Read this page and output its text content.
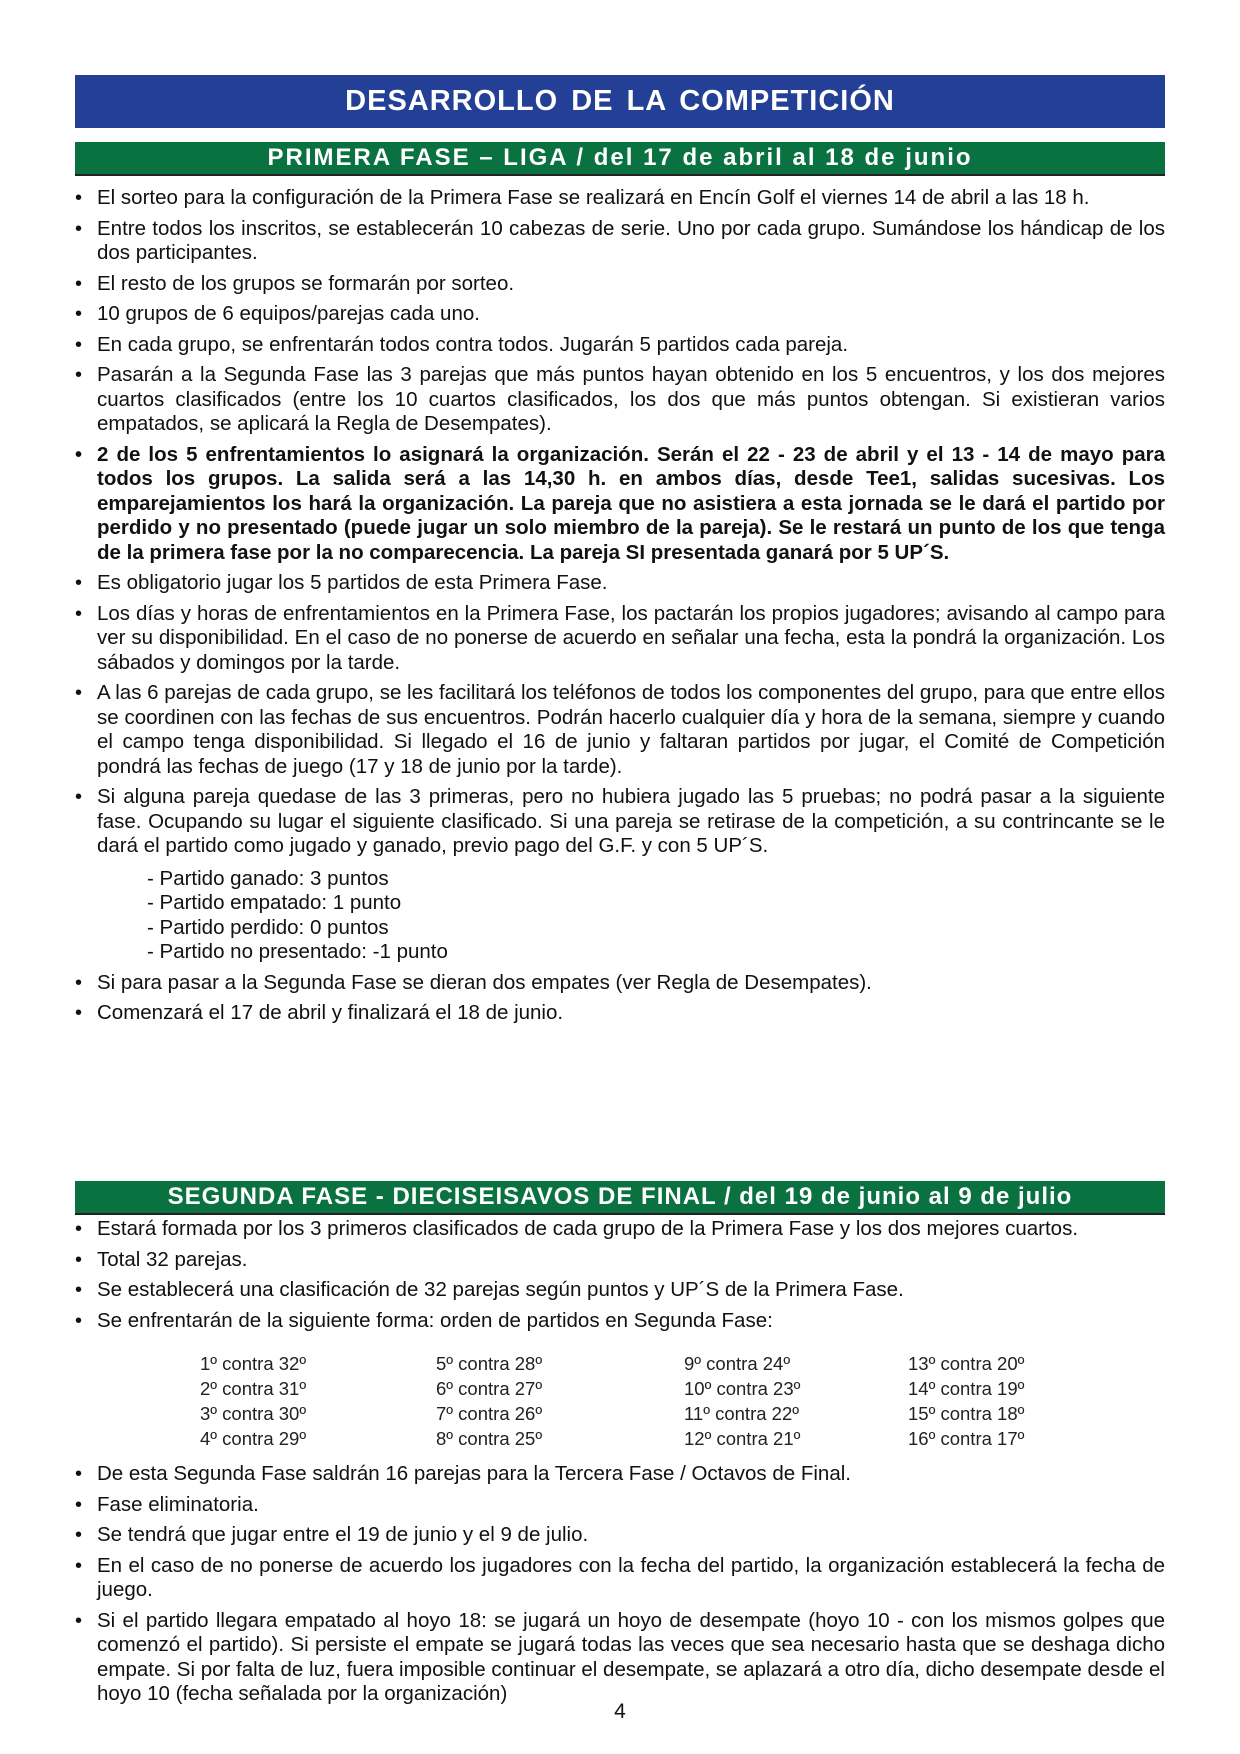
DESARROLLO DE LA COMPETICIÓN
PRIMERA FASE – LIGA / del 17 de abril al 18 de junio
• El sorteo para la configuración de la Primera Fase se realizará en Encín Golf el viernes 14 de abril a las 18 h.
• Entre todos los inscritos, se establecerán 10 cabezas de serie. Uno por cada grupo. Sumándose los hándicap de los dos participantes.
• El resto de los grupos se formarán por sorteo.
• 10 grupos de 6 equipos/parejas cada uno.
• En cada grupo, se enfrentarán todos contra todos. Jugarán 5 partidos cada pareja.
• Pasarán a la Segunda Fase las 3 parejas que más puntos hayan obtenido en los 5 encuentros, y los dos mejores cuartos clasificados (entre los 10 cuartos clasificados, los dos que más puntos obtengan. Si existieran varios empatados, se aplicará la Regla de Desempates).
• 2 de los 5 enfrentamientos lo asignará la organización. Serán el 22 - 23 de abril y el 13 - 14 de mayo para todos los grupos. La salida será a las 14,30 h. en ambos días, desde Tee1, salidas sucesivas. Los emparejamientos los hará la organización. La pareja que no asistiera a esta jornada se le dará el partido por perdido y no presentado (puede jugar un solo miembro de la pareja). Se le restará un punto de los que tenga de la primera fase por la no comparecencia. La pareja SI presentada ganará por 5 UP´S.
• Es obligatorio jugar los 5 partidos de esta Primera Fase.
• Los días y horas de enfrentamientos en la Primera Fase, los pactarán los propios jugadores; avisando al campo para ver su disponibilidad. En el caso de no ponerse de acuerdo en señalar una fecha, esta la pondrá la organización. Los sábados y domingos por la tarde.
• A las 6 parejas de cada grupo, se les facilitará los teléfonos de todos los componentes del grupo, para que entre ellos se coordinen con las fechas de sus encuentros. Podrán hacerlo cualquier día y hora de la semana, siempre y cuando el campo tenga disponibilidad. Si llegado el 16 de junio y faltaran partidos por jugar, el Comité de Competición pondrá las fechas de juego (17 y 18 de junio por la tarde).
• Si alguna pareja quedase de las 3 primeras, pero no hubiera jugado las 5 pruebas; no podrá pasar a la siguiente fase. Ocupando su lugar el siguiente clasificado. Si una pareja se retirase de la competición, a su contrincante se le dará el partido como jugado y ganado, previo pago del G.F. y con 5 UP´S.
- Partido ganado: 3 puntos
- Partido empatado: 1 punto
- Partido perdido: 0 puntos
- Partido no presentado: -1 punto
• Si para pasar a la Segunda Fase se dieran dos empates (ver Regla de Desempates).
• Comenzará el 17 de abril y finalizará el 18 de junio.
SEGUNDA FASE - DIECISEISAVOS DE FINAL / del 19 de junio al 9 de julio
• Estará formada por los 3 primeros clasificados de cada grupo de la Primera Fase y los dos mejores cuartos.
• Total 32 parejas.
• Se establecerá una clasificación de 32 parejas según puntos y UP´S de la Primera Fase.
• Se enfrentarán de la siguiente forma: orden de partidos en Segunda Fase:
1º contra 32º
2º contra 31º
3º contra 30º
4º contra 29º
5º contra 28º
6º contra 27º
7º contra 26º
8º contra 25º
9º contra 24º
10º contra 23º
11º contra 22º
12º contra 21º
13º contra 20º
14º contra 19º
15º contra 18º
16º contra 17º
• De esta Segunda Fase saldrán 16 parejas para la Tercera Fase / Octavos de Final.
• Fase eliminatoria.
• Se tendrá que jugar entre el 19 de junio y el 9 de julio.
• En el caso de no ponerse de acuerdo los jugadores con la fecha del partido, la organización establecerá la fecha de juego.
• Si el partido llegara empatado al hoyo 18: se jugará un hoyo de desempate (hoyo 10 - con los mismos golpes que comenzó el partido). Si persiste el empate se jugará todas las veces que sea necesario hasta que se deshaga dicho empate. Si por falta de luz, fuera imposible continuar el desempate, se aplazará a otro día, dicho desempate desde el hoyo 10 (fecha señalada por la organización)
4
